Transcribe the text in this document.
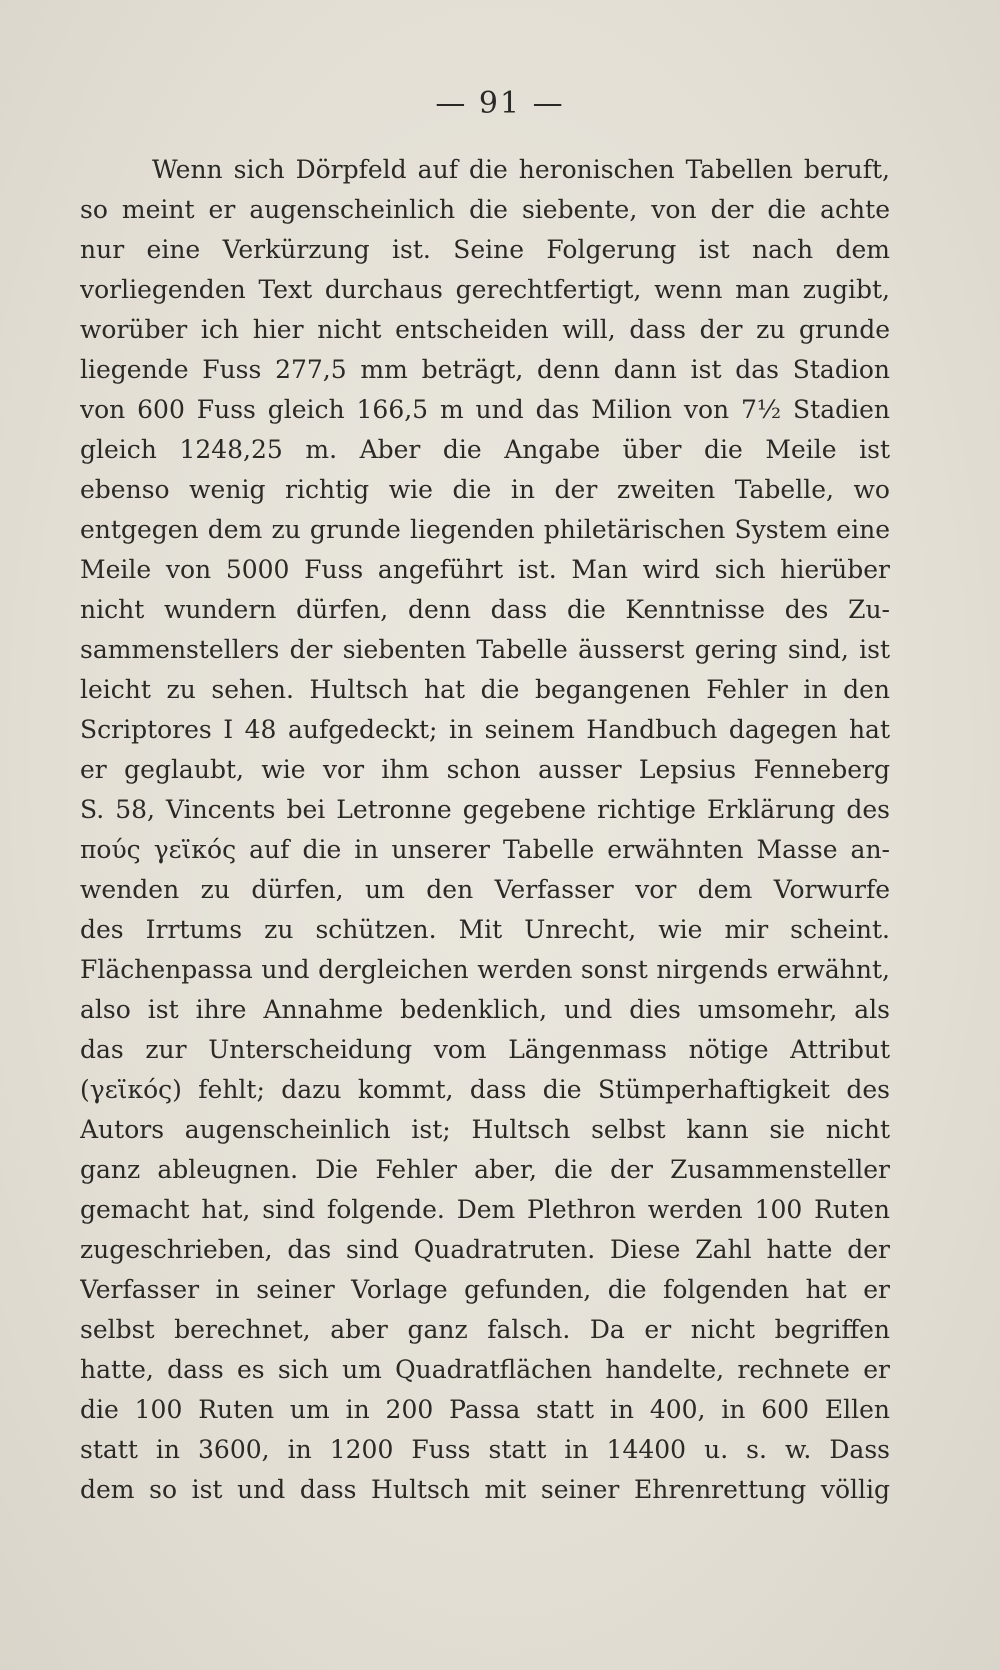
— 91 —
Wenn sich Dörpfeld auf die heronischen Tabellen beruft,
so meint er augenscheinlich die siebente, von der die achte
nur eine Verkürzung ist. Seine Folgerung ist nach dem
vorliegenden Text durchaus gerechtfertigt, wenn man zugibt,
worüber ich hier nicht entscheiden will, dass der zu grunde
liegende Fuss 277,5 mm beträgt, denn dann ist das Stadion
von 600 Fuss gleich 166,5 m und das Milion von 7½ Stadien
gleich 1248,25 m. Aber die Angabe über die Meile ist
ebenso wenig richtig wie die in der zweiten Tabelle, wo
entgegen dem zu grunde liegenden philetärischen System eine
Meile von 5000 Fuss angeführt ist. Man wird sich hierüber
nicht wundern dürfen, denn dass die Kenntnisse des Zu-
sammenstellers der siebenten Tabelle äusserst gering sind, ist
leicht zu sehen. Hultsch hat die begangenen Fehler in den
Scriptores I 48 aufgedeckt; in seinem Handbuch dagegen hat
er geglaubt, wie vor ihm schon ausser Lepsius Fenneberg
S. 58, Vincents bei Letronne gegebene richtige Erklärung des
πούς γεϊκός auf die in unserer Tabelle erwähnten Masse an-
wenden zu dürfen, um den Verfasser vor dem Vorwurfe
des Irrtums zu schützen. Mit Unrecht, wie mir scheint.
Flächenpassa und dergleichen werden sonst nirgends erwähnt,
also ist ihre Annahme bedenklich, und dies umsomehr, als
das zur Unterscheidung vom Längenmass nötige Attribut
(γεϊκός) fehlt; dazu kommt, dass die Stümperhaftigkeit des
Autors augenscheinlich ist; Hultsch selbst kann sie nicht
ganz ableugnen. Die Fehler aber, die der Zusammensteller
gemacht hat, sind folgende. Dem Plethron werden 100 Ruten
zugeschrieben, das sind Quadratruten. Diese Zahl hatte der
Verfasser in seiner Vorlage gefunden, die folgenden hat er
selbst berechnet, aber ganz falsch. Da er nicht begriffen
hatte, dass es sich um Quadratflächen handelte, rechnete er
die 100 Ruten um in 200 Passa statt in 400, in 600 Ellen
statt in 3600, in 1200 Fuss statt in 14400 u. s. w. Dass
dem so ist und dass Hultsch mit seiner Ehrenrettung völlig
